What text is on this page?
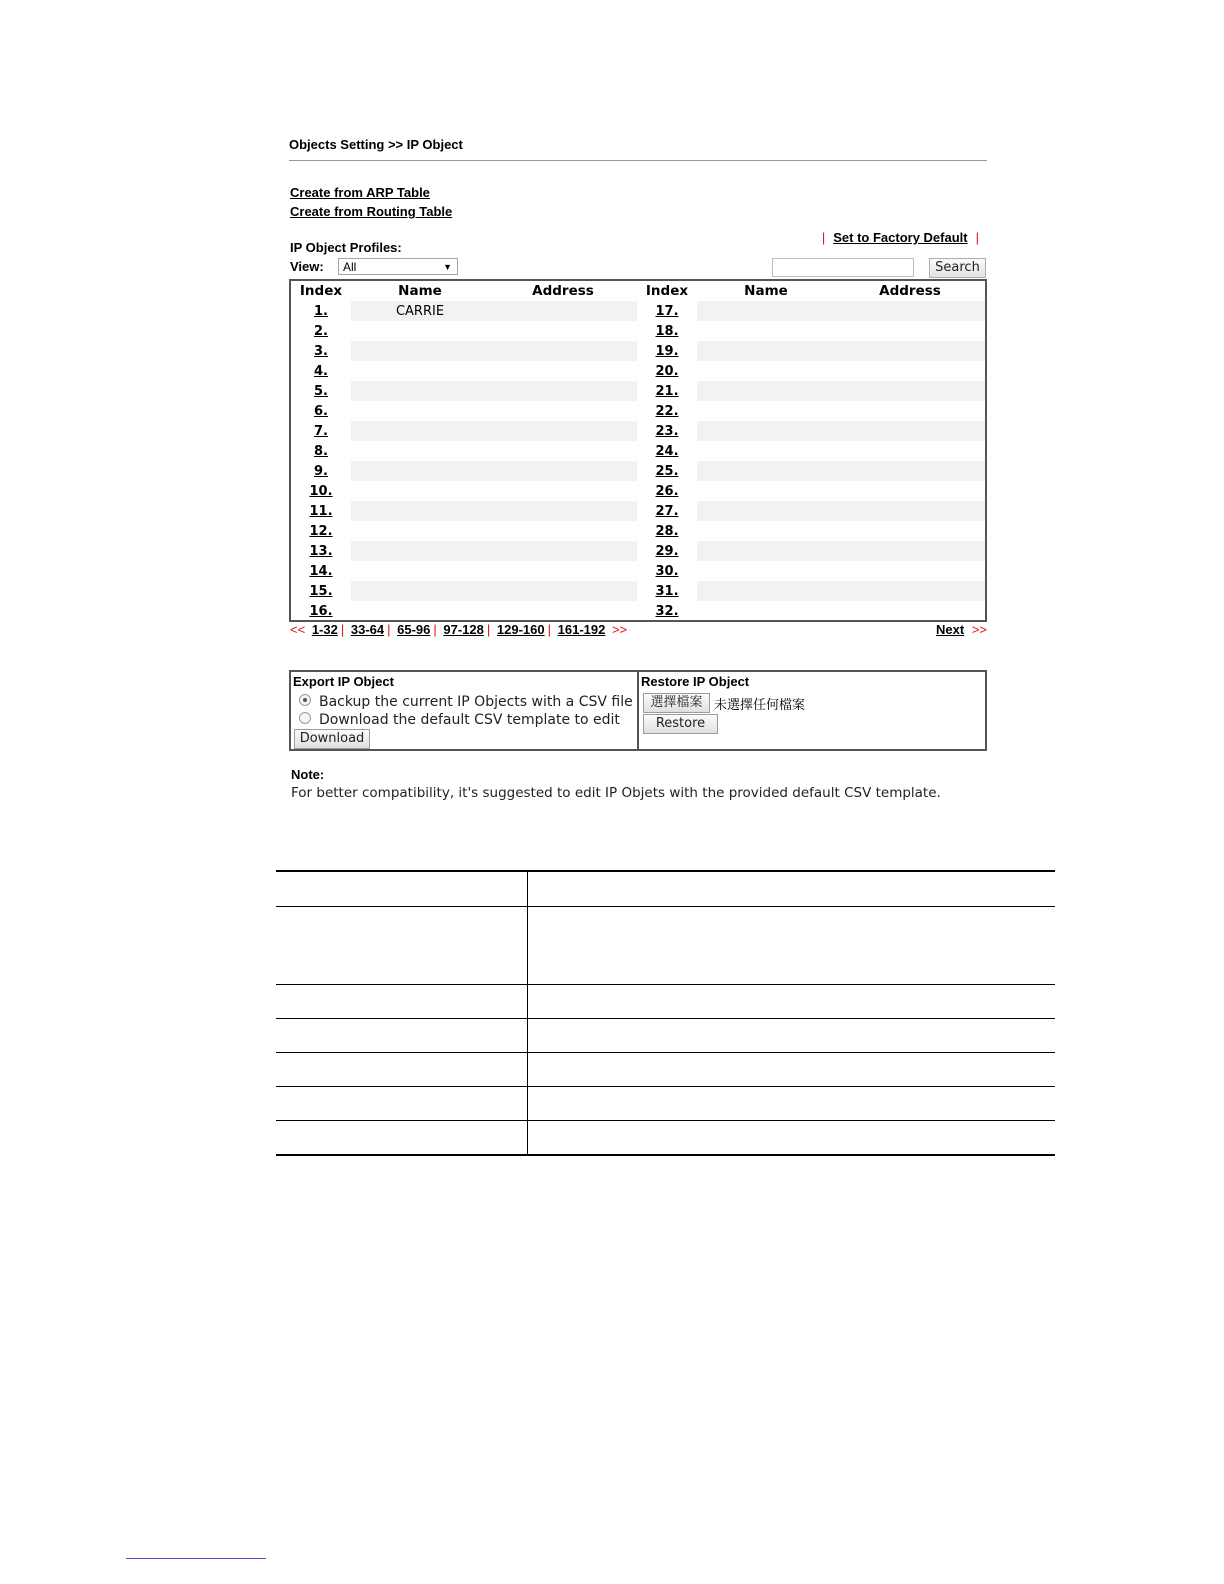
Objects Setting >> IP Object
Create from ARP Table
Create from Routing Table
IP Object Profiles:
| Set to Factory Default |
View:	All	▼	Search
Index	Name	Address	Index	Name	Address
1.	CARRIE		17.		
2.			18.		
3.			19.		
4.			20.		
5.			21.		
6.			22.		
7.			23.		
8.			24.		
9.			25.		
10.			26.		
11.			27.		
12.			28.		
13.			29.		
14.			30.		
15.			31.		
16.			32.		
<< 1-32 | 33-64 | 65-96 | 97-128 | 129-160 | 161-192 >>	Next >>
Export IP Object
Backup the current IP Objects with a CSV file
Download the default CSV template to edit
Download
Restore IP Object
選擇檔案 未選擇任何檔案
Restore
Note:
For better compatibility, it's suggested to edit IP Objets with the provided default CSV template.
